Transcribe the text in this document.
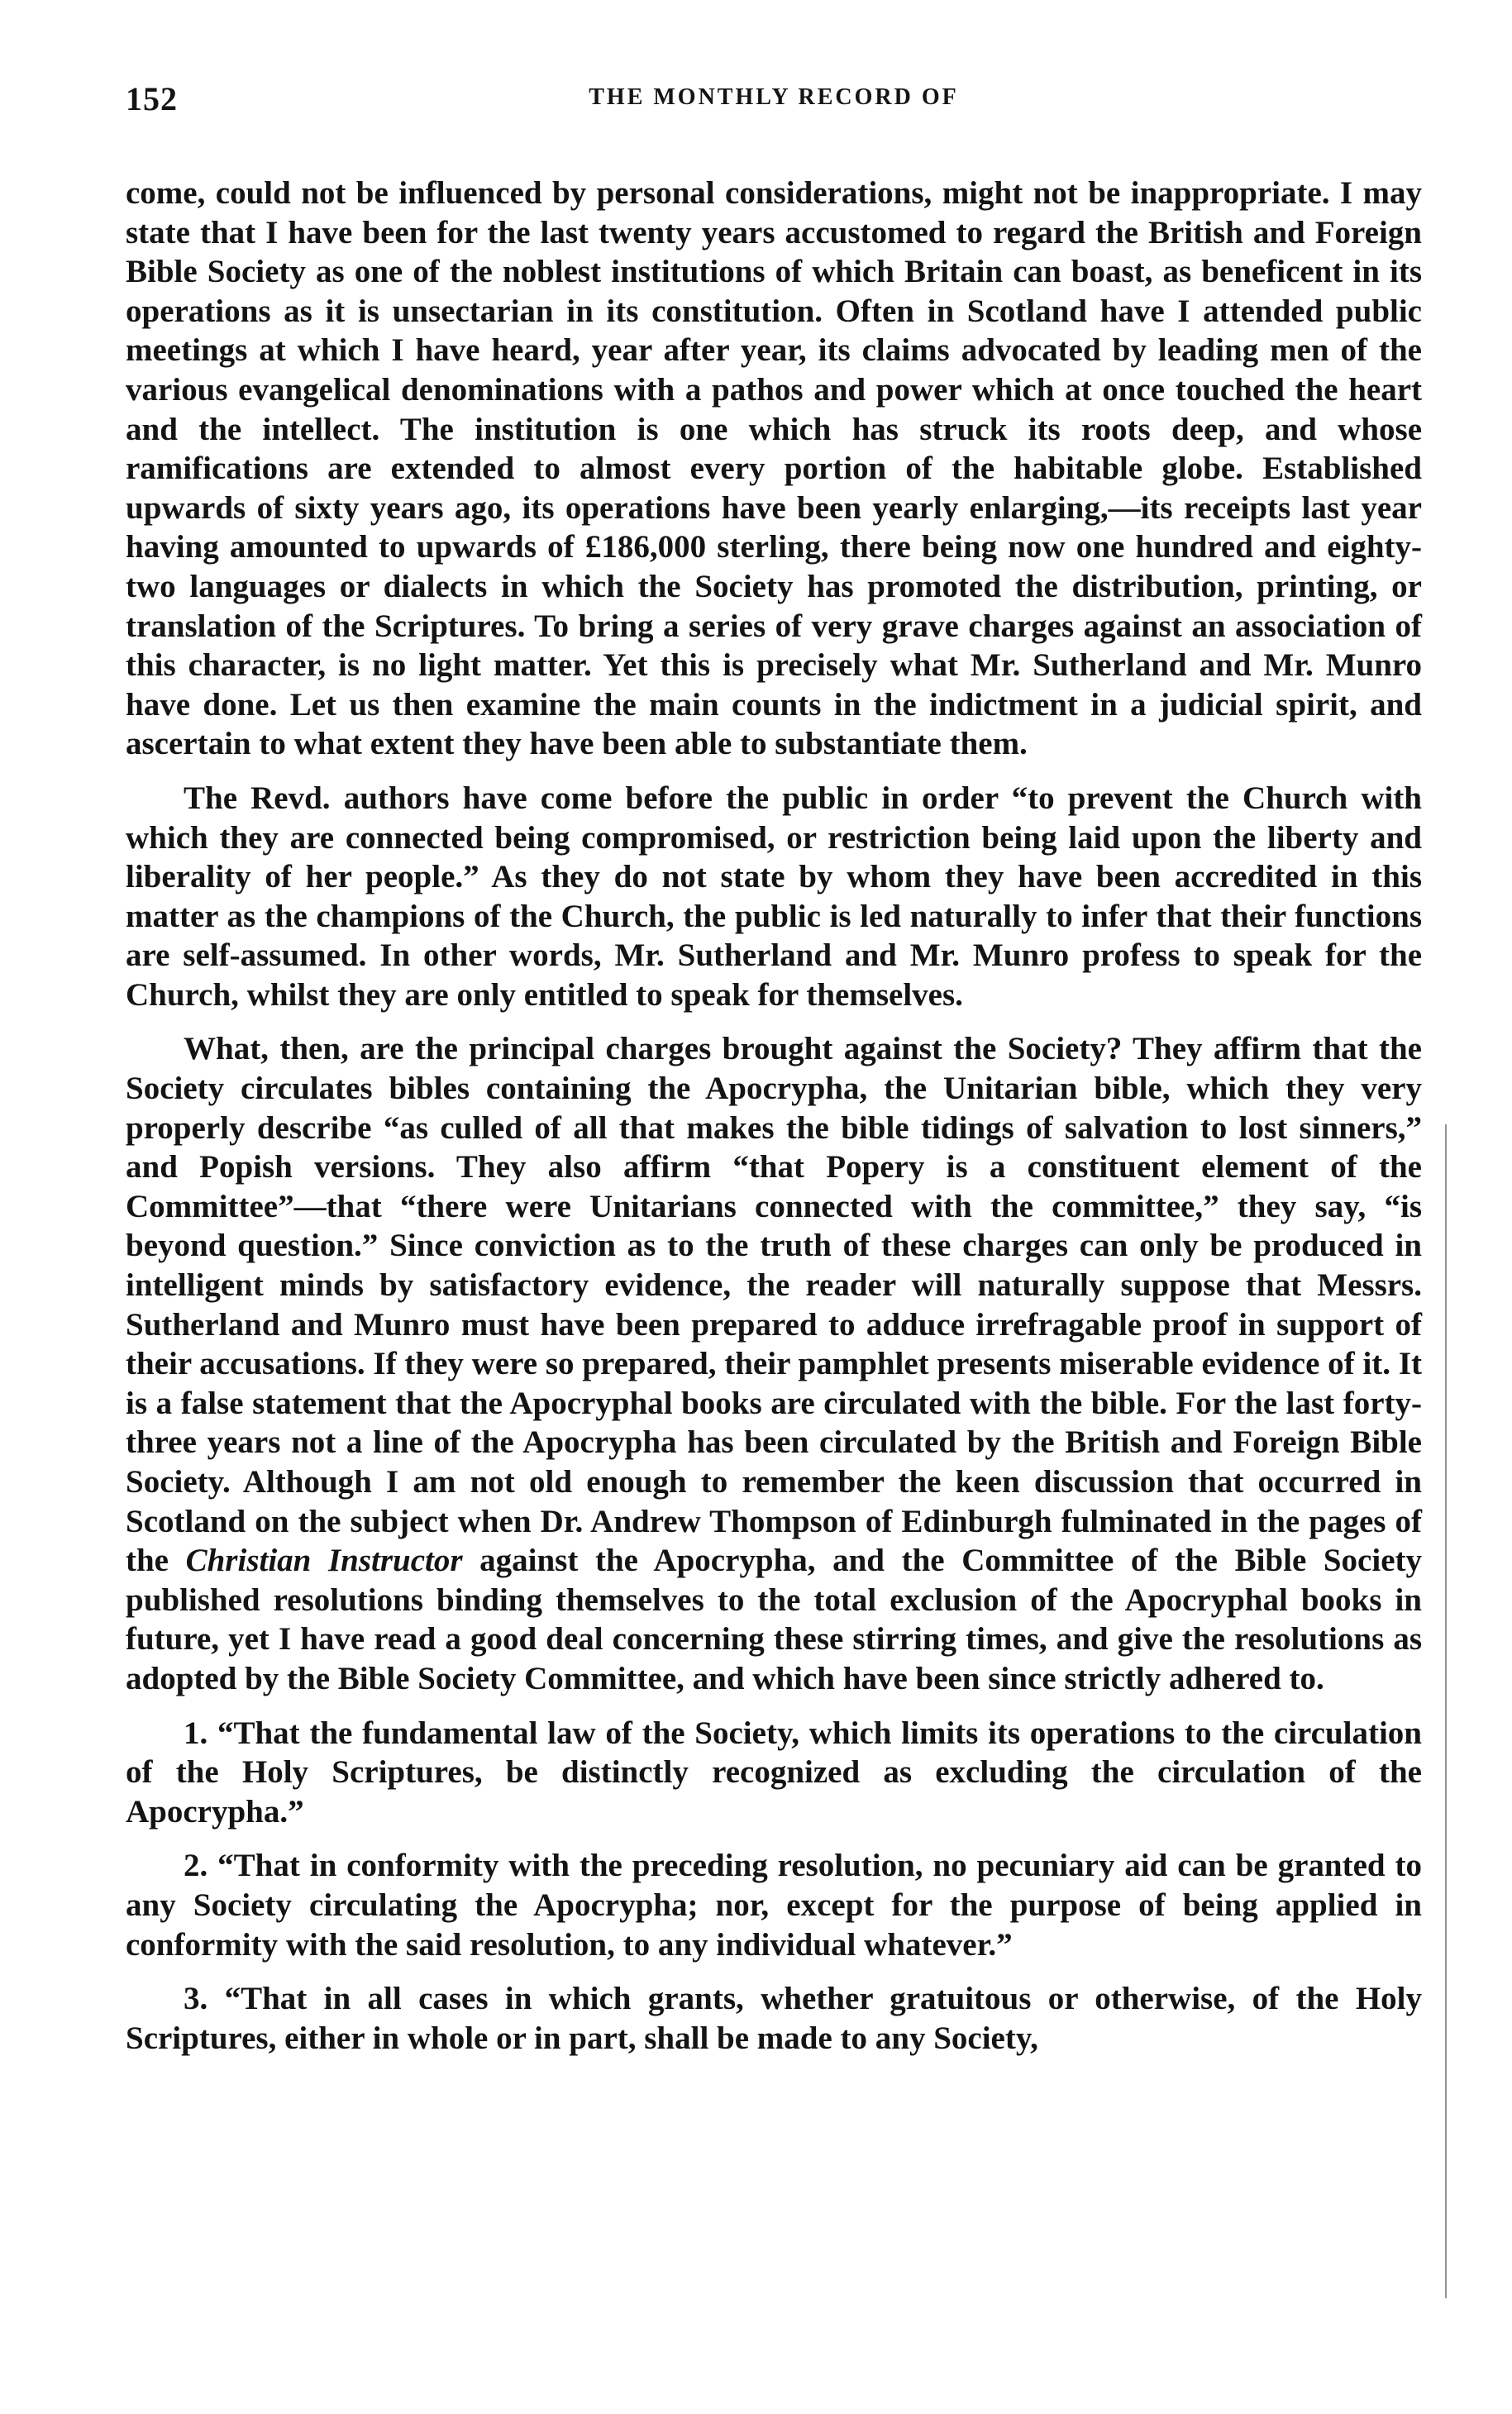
152	THE MONTHLY RECORD OF

come, could not be influenced by personal considerations, might not be inappropriate. I may state that I have been for the last twenty years accustomed to regard the British and Foreign Bible Society as one of the noblest institutions of which Britain can boast, as beneficent in its operations as it is unsectarian in its constitution. Often in Scotland have I attended public meetings at which I have heard, year after year, its claims advocated by leading men of the various evangelical denominations with a pathos and power which at once touched the heart and the intellect. The institution is one which has struck its roots deep, and whose ramifications are extended to almost every portion of the habitable globe. Established upwards of sixty years ago, its operations have been yearly enlarging,—its receipts last year having amounted to upwards of £186,000 sterling, there being now one hundred and eighty-two languages or dialects in which the Society has promoted the distribution, printing, or translation of the Scriptures. To bring a series of very grave charges against an association of this character, is no light matter. Yet this is precisely what Mr. Sutherland and Mr. Munro have done. Let us then examine the main counts in the indictment in a judicial spirit, and ascertain to what extent they have been able to substantiate them.

The Revd. authors have come before the public in order “to prevent the Church with which they are connected being compromised, or restriction being laid upon the liberty and liberality of her people.” As they do not state by whom they have been accredited in this matter as the champions of the Church, the public is led naturally to infer that their functions are self-assumed. In other words, Mr. Sutherland and Mr. Munro profess to speak for the Church, whilst they are only entitled to speak for themselves.

What, then, are the principal charges brought against the Society? They affirm that the Society circulates bibles containing the Apocrypha, the Unitarian bible, which they very properly describe “as culled of all that makes the bible tidings of salvation to lost sinners,” and Popish versions. They also affirm “that Popery is a constituent element of the Committee”—that “there were Unitarians connected with the committee,” they say, “is beyond question.” Since conviction as to the truth of these charges can only be produced in intelligent minds by satisfactory evidence, the reader will naturally suppose that Messrs. Sutherland and Munro must have been prepared to adduce irrefragable proof in support of their accusations. If they were so prepared, their pamphlet presents miserable evidence of it. It is a false statement that the Apocryphal books are circulated with the bible. For the last forty-three years not a line of the Apocrypha has been circulated by the British and Foreign Bible Society. Although I am not old enough to remember the keen discussion that occurred in Scotland on the subject when Dr. Andrew Thompson of Edinburgh fulminated in the pages of the Christian Instructor against the Apocrypha, and the Committee of the Bible Society published resolutions binding themselves to the total exclusion of the Apocryphal books in future, yet I have read a good deal concerning these stirring times, and give the resolutions as adopted by the Bible Society Committee, and which have been since strictly adhered to.

1. “That the fundamental law of the Society, which limits its operations to the circulation of the Holy Scriptures, be distinctly recognized as excluding the circulation of the Apocrypha.”

2. “That in conformity with the preceding resolution, no pecuniary aid can be granted to any Society circulating the Apocrypha; nor, except for the purpose of being applied in conformity with the said resolution, to any individual whatever.”

3. “That in all cases in which grants, whether gratuitous or otherwise, of the Holy Scriptures, either in whole or in part, shall be made to any Society,
